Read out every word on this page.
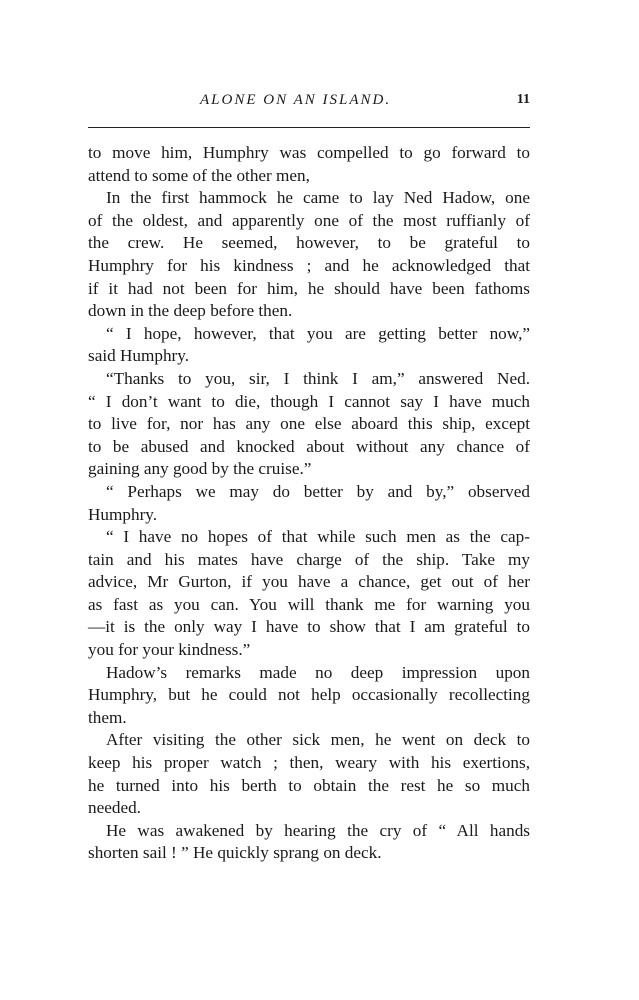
ALONE ON AN ISLAND.	11
to move him, Humphry was compelled to go forward to
attend to some of the other men,
In the first hammock he came to lay Ned Hadow, one
of the oldest, and apparently one of the most ruffianly of
the crew. He seemed, however, to be grateful to
Humphry for his kindness ; and he acknowledged that
if it had not been for him, he should have been fathoms
down in the deep before then.
“ I hope, however, that you are getting better now,”
said Humphry.
“Thanks to you, sir, I think I am,” answered Ned.
“ I don’t want to die, though I cannot say I have much
to live for, nor has any one else aboard this ship, except
to be abused and knocked about without any chance of
gaining any good by the cruise.”
“ Perhaps we may do better by and by,” observed
Humphry.
“ I have no hopes of that while such men as the cap-
tain and his mates have charge of the ship. Take my
advice, Mr Gurton, if you have a chance, get out of her
as fast as you can. You will thank me for warning you
—it is the only way I have to show that I am grateful to
you for your kindness.”
Hadow’s remarks made no deep impression upon
Humphry, but he could not help occasionally recollecting
them.
After visiting the other sick men, he went on deck to
keep his proper watch ; then, weary with his exertions,
he turned into his berth to obtain the rest he so much
needed.
He was awakened by hearing the cry of “ All hands
shorten sail ! ” He quickly sprang on deck.
